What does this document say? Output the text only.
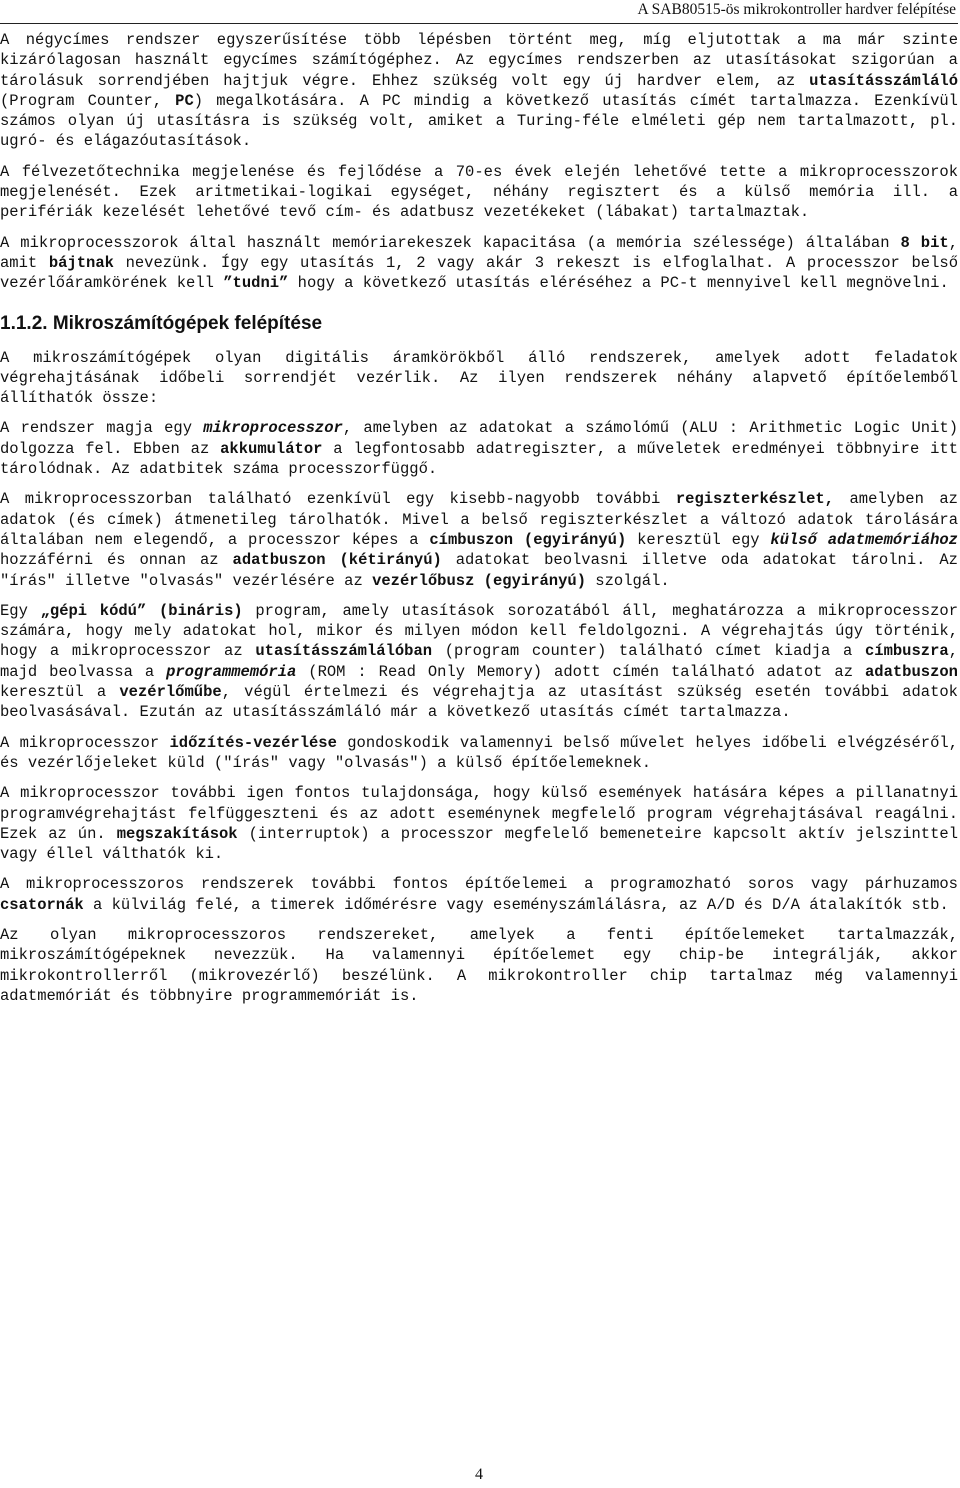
A SAB80515-ös mikrokontroller hardver felépítése

A négycímes rendszer egyszerűsítése több lépésben történt meg, míg eljutottak a ma már szinte kizárólagosan használt egycímes számítógéphez. Az egycímes rendszerben az utasításokat szigorúan a tárolásuk sorrendjében hajtjuk végre. Ehhez szükség volt egy új hardver elem, az utasításszámláló (Program Counter, PC) megalkotására. A PC mindig a következő utasítás címét tartalmazza. Ezenkívül számos olyan új utasításra is szükség volt, amiket a Turing-féle elméleti gép nem tartalmazott, pl. ugró- és elágazóutasítások.

A félvezetőtechnika megjelenése és fejlődése a 70-es évek elején lehetővé tette a mikroprocesszorok megjelenését. Ezek aritmetikai-logikai egységet, néhány regisztert és a külső memória ill. a perifériák kezelését lehetővé tevő cím- és adatbusz vezetékeket (lábakat) tartalmaztak.

A mikroprocesszorok által használt memóriarekeszek kapacitása (a memória szélessége) általában 8 bit, amit bájtnak nevezünk. Így egy utasítás 1, 2 vagy akár 3 rekeszt is elfoglalhat. A processzor belső vezérlőáramkörének kell ”tudni” hogy a következő utasítás eléréséhez a PC-t mennyivel kell megnövelni.

1.1.2. Mikroszámítógépek felépítése

A mikroszámítógépek olyan digitális áramkörökből álló rendszerek, amelyek adott feladatok végrehajtásának időbeli sorrendjét vezérlik. Az ilyen rendszerek néhány alapvető építőelemből állíthatók össze:

A rendszer magja egy mikroprocesszor, amelyben az adatokat a számolómű (ALU : Arithmetic Logic Unit) dolgozza fel. Ebben az akkumulátor a legfontosabb adatregiszter, a műveletek eredményei többnyire itt tárolódnak. Az adatbitek száma processzorfüggő.

A mikroprocesszorban található ezenkívül egy kisebb-nagyobb további regiszterkészlet, amelyben az adatok (és címek) átmenetileg tárolhatók. Mivel a belső regiszterkészlet a változó adatok tárolására általában nem elegendő, a processzor képes a címbuszon (egyirányú) keresztül egy külső adatmemóriához hozzáférni és onnan az adatbuszon (kétirányú) adatokat beolvasni illetve oda adatokat tárolni. Az "írás" illetve "olvasás" vezérlésére az vezérlőbusz (egyirányú) szolgál.

Egy „gépi kódú” (bináris) program, amely utasítások sorozatából áll, meghatározza a mikroprocesszor számára, hogy mely adatokat hol, mikor és milyen módon kell feldolgozni. A végrehajtás úgy történik, hogy a mikroprocesszor az utasításszámlálóban (program counter) található címet kiadja a címbuszra, majd beolvassa a programmemória (ROM : Read Only Memory) adott címén található adatot az adatbuszon keresztül a vezérlőműbe, végül értelmezi és végrehajtja az utasítást szükség esetén további adatok beolvasásával. Ezután az utasításszámláló már a következő utasítás címét tartalmazza.

A mikroprocesszor időzítés-vezérlése gondoskodik valamennyi belső művelet helyes időbeli elvégzéséről, és vezérlőjeleket küld ("írás" vagy "olvasás") a külső építőelemeknek.

A mikroprocesszor további igen fontos tulajdonsága, hogy külső események hatására képes a pillanatnyi programvégrehajtást felfüggeszteni és az adott eseménynek megfelelő program végrehajtásával reagálni. Ezek az ún. megszakítások (interruptok) a processzor megfelelő bemeneteire kapcsolt aktív jelszinttel vagy éllel válthatók ki.

A mikroprocesszoros rendszerek további fontos építőelemei a programozható soros vagy párhuzamos csatornák a külvilág felé, a timerek időmérésre vagy eseményszámlálásra, az A/D és D/A átalakítók stb.

Az olyan mikroprocesszoros rendszereket, amelyek a fenti építőelemeket tartalmazzák, mikroszámítógépeknek nevezzük. Ha valamennyi építőelemet egy chip-be integrálják, akkor mikrokontrollerről (mikrovezérlő) beszélünk. A mikrokontroller chip tartalmaz még valamennyi adatmemóriát és többnyire programmemóriát is.

4
